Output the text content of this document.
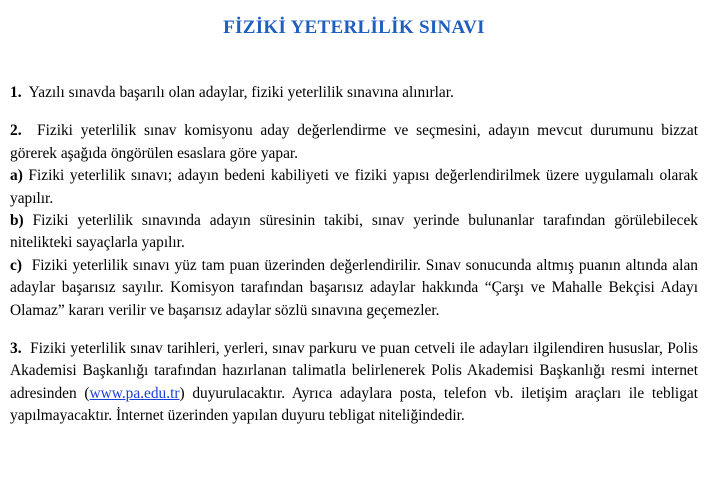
FİZİKİ YETERLİLİK SINAVI

1. Yazılı sınavda başarılı olan adaylar, fiziki yeterlilik sınavına alınırlar.

2. Fiziki yeterlilik sınav komisyonu aday değerlendirme ve seçmesini, adayın mevcut durumunu bizzat görerek aşağıda öngörülen esaslara göre yapar.

a) Fiziki yeterlilik sınavı; adayın bedeni kabiliyeti ve fiziki yapısı değerlendirilmek üzere uygulamalı olarak yapılır.

b) Fiziki yeterlilik sınavında adayın süresinin takibi, sınav yerinde bulunanlar tarafından görülebilecek nitelikteki sayaçlarla yapılır.

c) Fiziki yeterlilik sınavı yüz tam puan üzerinden değerlendirilir. Sınav sonucunda altmış puanın altında alan adaylar başarısız sayılır. Komisyon tarafından başarısız adaylar hakkında “Çarşı ve Mahalle Bekçisi Adayı Olamaz” kararı verilir ve başarısız adaylar sözlü sınavına geçemezler.

3. Fiziki yeterlilik sınav tarihleri, yerleri, sınav parkuru ve puan cetveli ile adayları ilgilendiren hususlar, Polis Akademisi Başkanlığı tarafından hazırlanan talimatla belirlenerek Polis Akademisi Başkanlığı resmi internet adresinden (www.pa.edu.tr) duyurulacaktır. Ayrıca adaylara posta, telefon vb. iletişim araçları ile tebligat yapılmayacaktır. İnternet üzerinden yapılan duyuru tebligat niteliğindedir.
